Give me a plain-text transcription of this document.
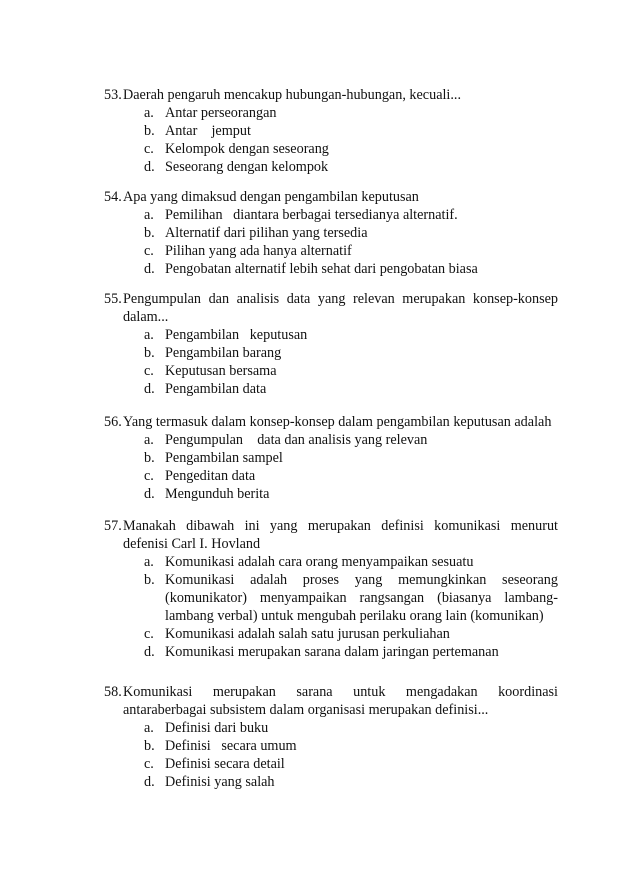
53. Daerah pengaruh mencakup hubungan-hubungan, kecuali...
a. Antar perseorangan
b. Antar    jemput
c. Kelompok dengan seseorang
d. Seseorang dengan kelompok
54. Apa yang dimaksud dengan pengambilan keputusan
a. Pemilihan   diantara berbagai tersedianya alternatif.
b. Alternatif dari pilihan yang tersedia
c. Pilihan yang ada hanya alternatif
d. Pengobatan alternatif lebih sehat dari pengobatan biasa
55. Pengumpulan dan analisis data yang relevan merupakan konsep-konsep dalam...
a. Pengambilan   keputusan
b. Pengambilan barang
c. Keputusan bersama
d. Pengambilan data
56. Yang termasuk dalam konsep-konsep dalam pengambilan keputusan adalah
a. Pengumpulan    data dan analisis yang relevan
b. Pengambilan sampel
c. Pengeditan data
d. Mengunduh berita
57. Manakah dibawah ini yang merupakan definisi komunikasi menurut defenisi Carl I. Hovland
a. Komunikasi adalah cara orang menyampaikan sesuatu
b. Komunikasi adalah proses yang memungkinkan seseorang (komunikator) menyampaikan rangsangan (biasanya lambang-lambang verbal) untuk mengubah perilaku orang lain (komunikan)
c. Komunikasi adalah salah satu jurusan perkuliahan
d. Komunikasi merupakan sarana dalam jaringan pertemanan
58. Komunikasi merupakan sarana untuk mengadakan koordinasi antaraberbagai subsistem dalam organisasi merupakan definisi...
a. Definisi dari buku
b. Definisi   secara umum
c. Definisi secara detail
d. Definisi yang salah
